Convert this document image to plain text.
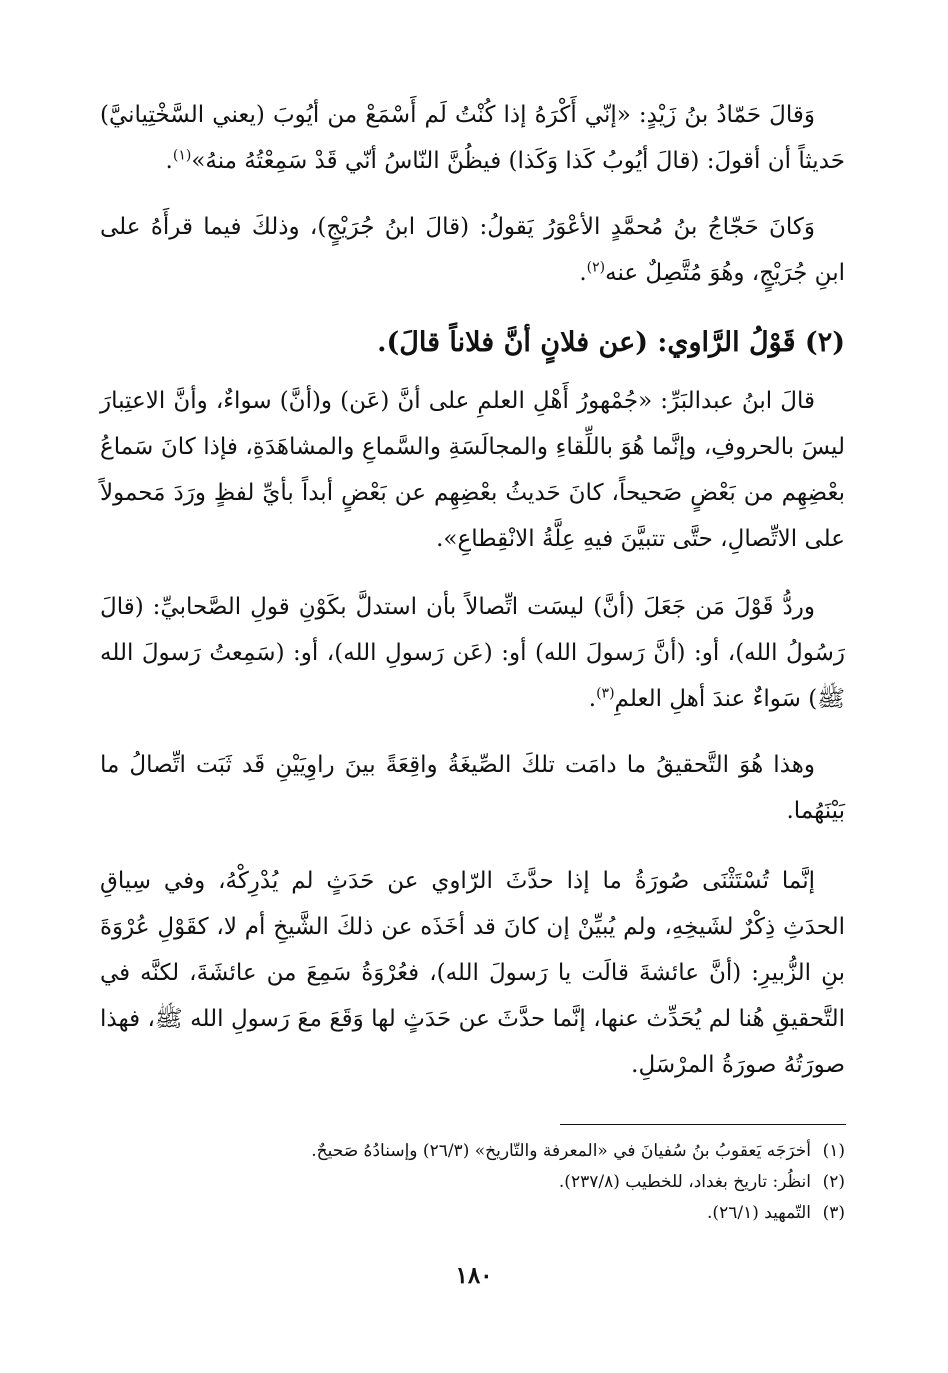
وَقالَ حَمّادُ بنُ زَيْدٍ: «إنّي أَكْرَهُ إذا كُنْتُ لَم أَسْمَعْ من أيُوبَ (يعني السَّخْتِيانيَّ) حَديثاً أن أقولَ: (قالَ أيُوبُ كَذا وَكَذا) فيظُنَّ النّاسُ أنّي قَدْ سَمِعْتُهُ منهُ»$^{(١)}$.

وَكانَ حَجّاجُ بنُ مُحمَّدٍ الأعْوَرُ يَقولُ: (قالَ ابنُ جُرَيْجٍ)، وذلكَ فيما قرأَهُ على ابنِ جُرَيْجٍ، وهُوَ مُتَّصِلٌ عنه$^{(٢)}$.

(٢) قَوْلُ الرَّاوي: (عن فلانٍ أنَّ فلاناً قالَ).

قالَ ابنُ عبدالبَرِّ: «جُمْهورُ أَهْلِ العلمِ على أنَّ (عَن) و(أنَّ) سواءٌ، وأنَّ الاعتِبارَ ليسَ بالحروفِ، وإنَّما هُوَ باللِّقاءِ والمجالَسَةِ والسَّماعِ والمشاهَدَةِ، فإذا كانَ سَماعُ بعْضِهِم من بَعْضٍ صَحيحاً، كانَ حَديثُ بعْضِهِم عن بَعْضٍ أبداً بأيِّ لفظٍ ورَدَ مَحمولاً على الاتِّصالِ، حتَّى تتبيَّنَ فيهِ عِلَّةُ الانْقِطاعِ».

وردُّ قَوْلَ مَن جَعَلَ (أنَّ) ليسَت اتِّصالاً بأن استدلَّ بكَوْنِ قولِ الصَّحابيِّ: (قالَ رَسُولُ الله)، أو: (أنَّ رَسولَ الله) أو: (عَن رَسولِ الله)، أو: (سَمِعتُ رَسولَ الله ﷺ) سَواءٌ عندَ أهلِ العلمِ$^{(٣)}$.

وهذا هُوَ التَّحقيقُ ما دامَت تلكَ الصِّيغَةُ واقِعَةً بينَ راوِيَيْنِ قَد ثَبَت اتِّصالُ ما بَيْنَهُما.

إنَّما تُسْتَثْنَى صُورَةُ ما إذا حدَّثَ الرّاوي عن حَدَثٍ لم يُدْرِكْهُ، وفي سِياقِ الحدَثِ ذِكْرٌ لشَيخِهِ، ولم يُبيِّنْ إن كانَ قد أخَذَه عن ذلكَ الشَّيخِ أم لا، كقَوْلِ عُرْوَةَ بنِ الزُّبيرِ: (أنَّ عائشةَ قالَت يا رَسولَ الله)، فعُرْوَةُ سَمِعَ من عائشَةَ، لكنَّه في التَّحقيقِ هُنا لم يُحَدِّث عنها، إنَّما حدَّثَ عن حَدَثٍ لها وَقَعَ معَ رَسولِ الله ﷺ، فهذا صورَتُهُ صورَةُ المرْسَلِ.

(١)أخرَجَه يَعقوبُ بنُ سُفيانَ في «المعرفة والتّاريخ» (٢٦/٣) وإسنادُهُ صَحيحٌ.

(٢)انظُر: تاريخ بغداد، للخطيب (٢٣٧/٨).

(٣)التّمهيد (٢٦/١).

١٨٠
